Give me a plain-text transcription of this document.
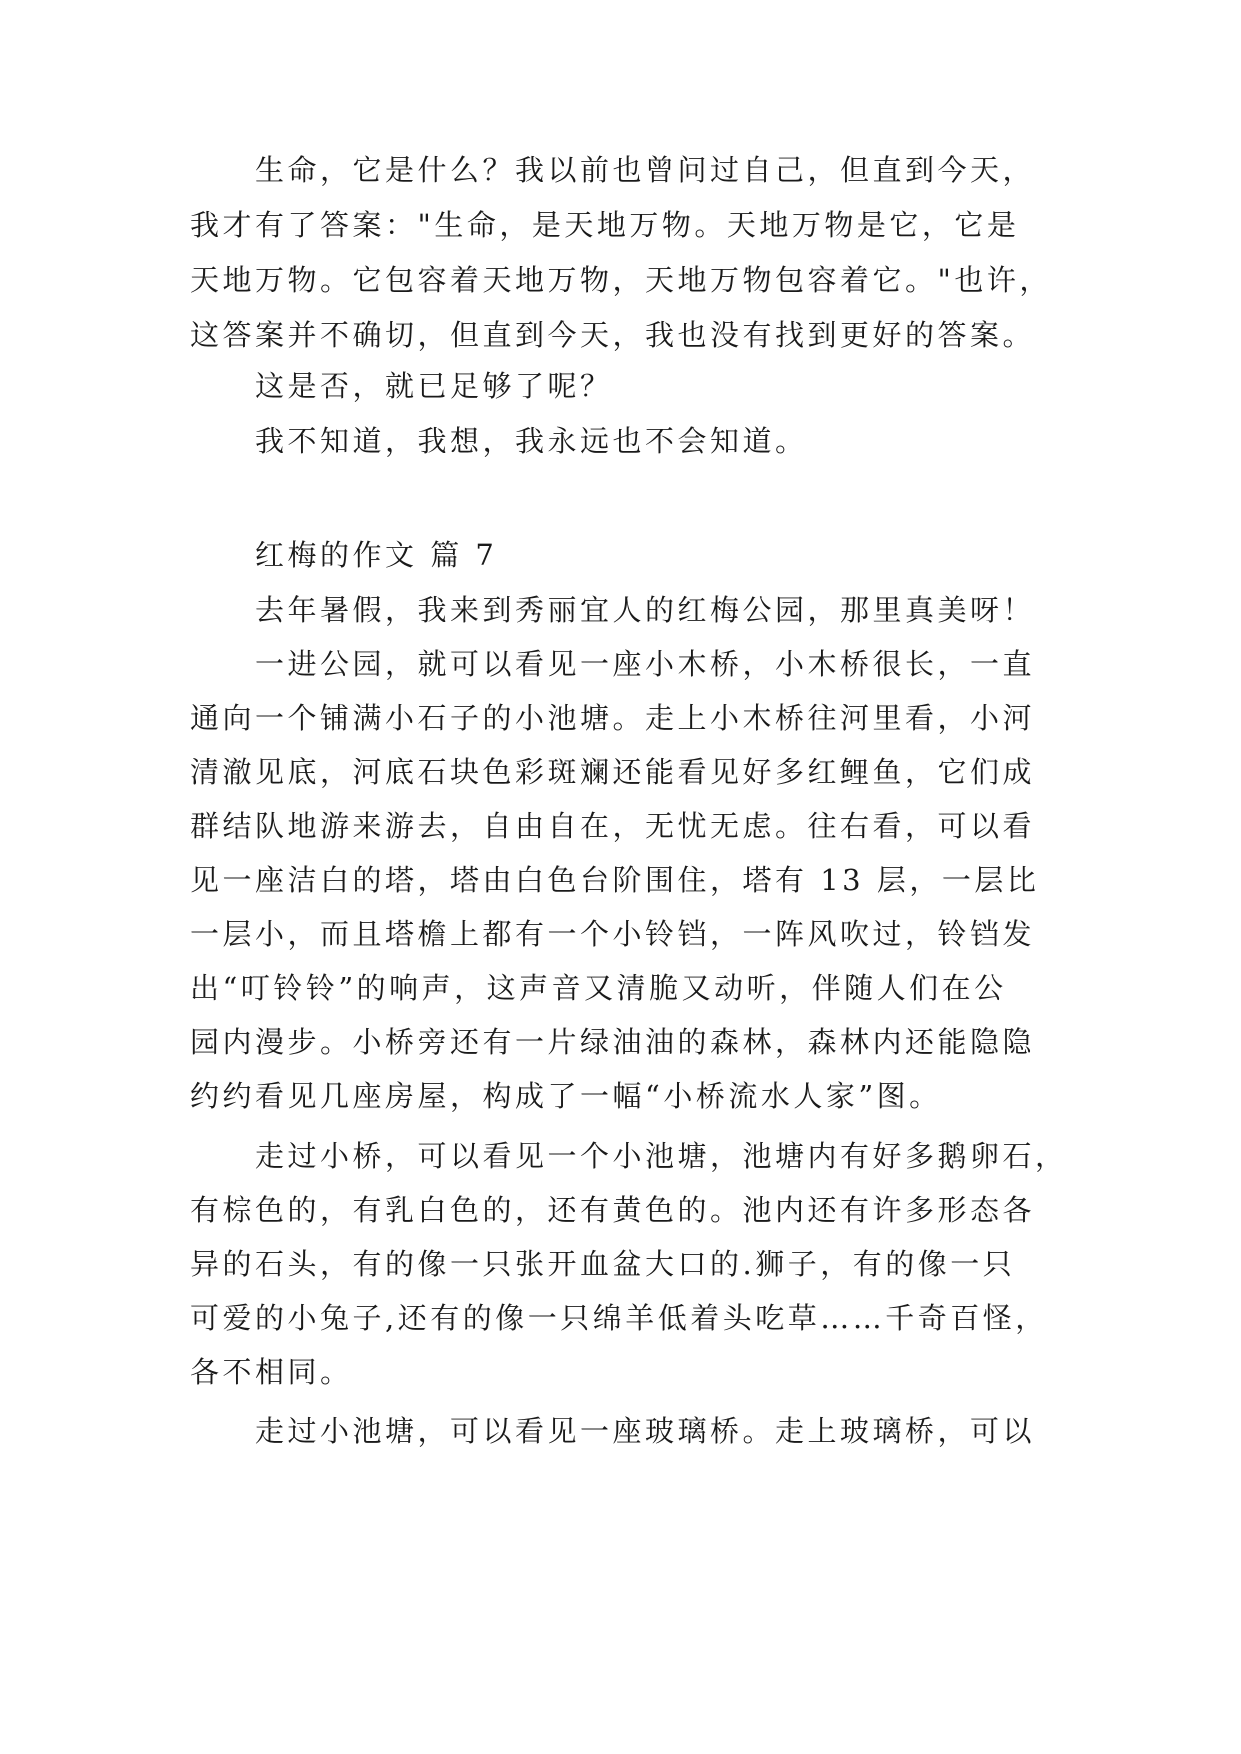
生命，它是什么？我以前也曾问过自己，但直到今天，
我才有了答案："生命，是天地万物。天地万物是它，它是
天地万物。它包容着天地万物，天地万物包容着它。"也许，
这答案并不确切，但直到今天，我也没有找到更好的答案。
这是否，就已足够了呢？
我不知道，我想，我永远也不会知道。
红梅的作文 篇 7
去年暑假，我来到秀丽宜人的红梅公园，那里真美呀！
一进公园，就可以看见一座小木桥，小木桥很长，一直
通向一个铺满小石子的小池塘。走上小木桥往河里看，小河
清澈见底，河底石块色彩斑斓还能看见好多红鲤鱼，它们成
群结队地游来游去，自由自在，无忧无虑。往右看，可以看
见一座洁白的塔，塔由白色台阶围住，塔有 13 层，一层比
一层小，而且塔檐上都有一个小铃铛，一阵风吹过，铃铛发
出“叮铃铃”的响声，这声音又清脆又动听，伴随人们在公
园内漫步。小桥旁还有一片绿油油的森林，森林内还能隐隐
约约看见几座房屋，构成了一幅“小桥流水人家”图。
走过小桥，可以看见一个小池塘，池塘内有好多鹅卵石，
有棕色的，有乳白色的，还有黄色的。池内还有许多形态各
异的石头，有的像一只张开血盆大口的.狮子，有的像一只
可爱的小兔子,还有的像一只绵羊低着头吃草……千奇百怪，
各不相同。
走过小池塘，可以看见一座玻璃桥。走上玻璃桥，可以
